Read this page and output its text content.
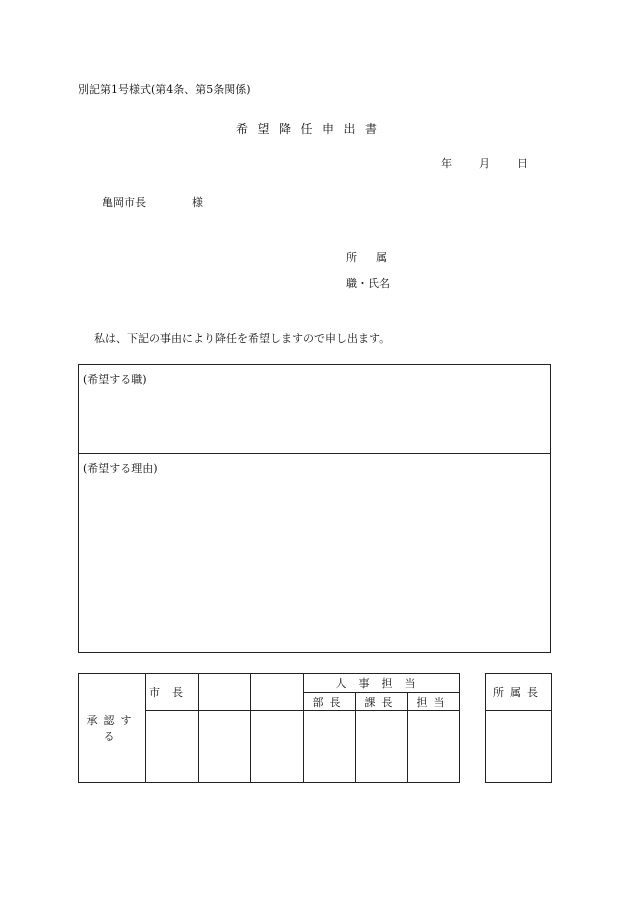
別記第1号様式(第4条、第5条関係)
希望降任申出書
年 月 日
亀岡市長	様
所属
職・氏名
私は、下記の事由により降任を希望しますので申し出ます。
(希望する職)
(希望する理由)
承認する	市長			人事担当		
				部長	課長	担当

所属長
